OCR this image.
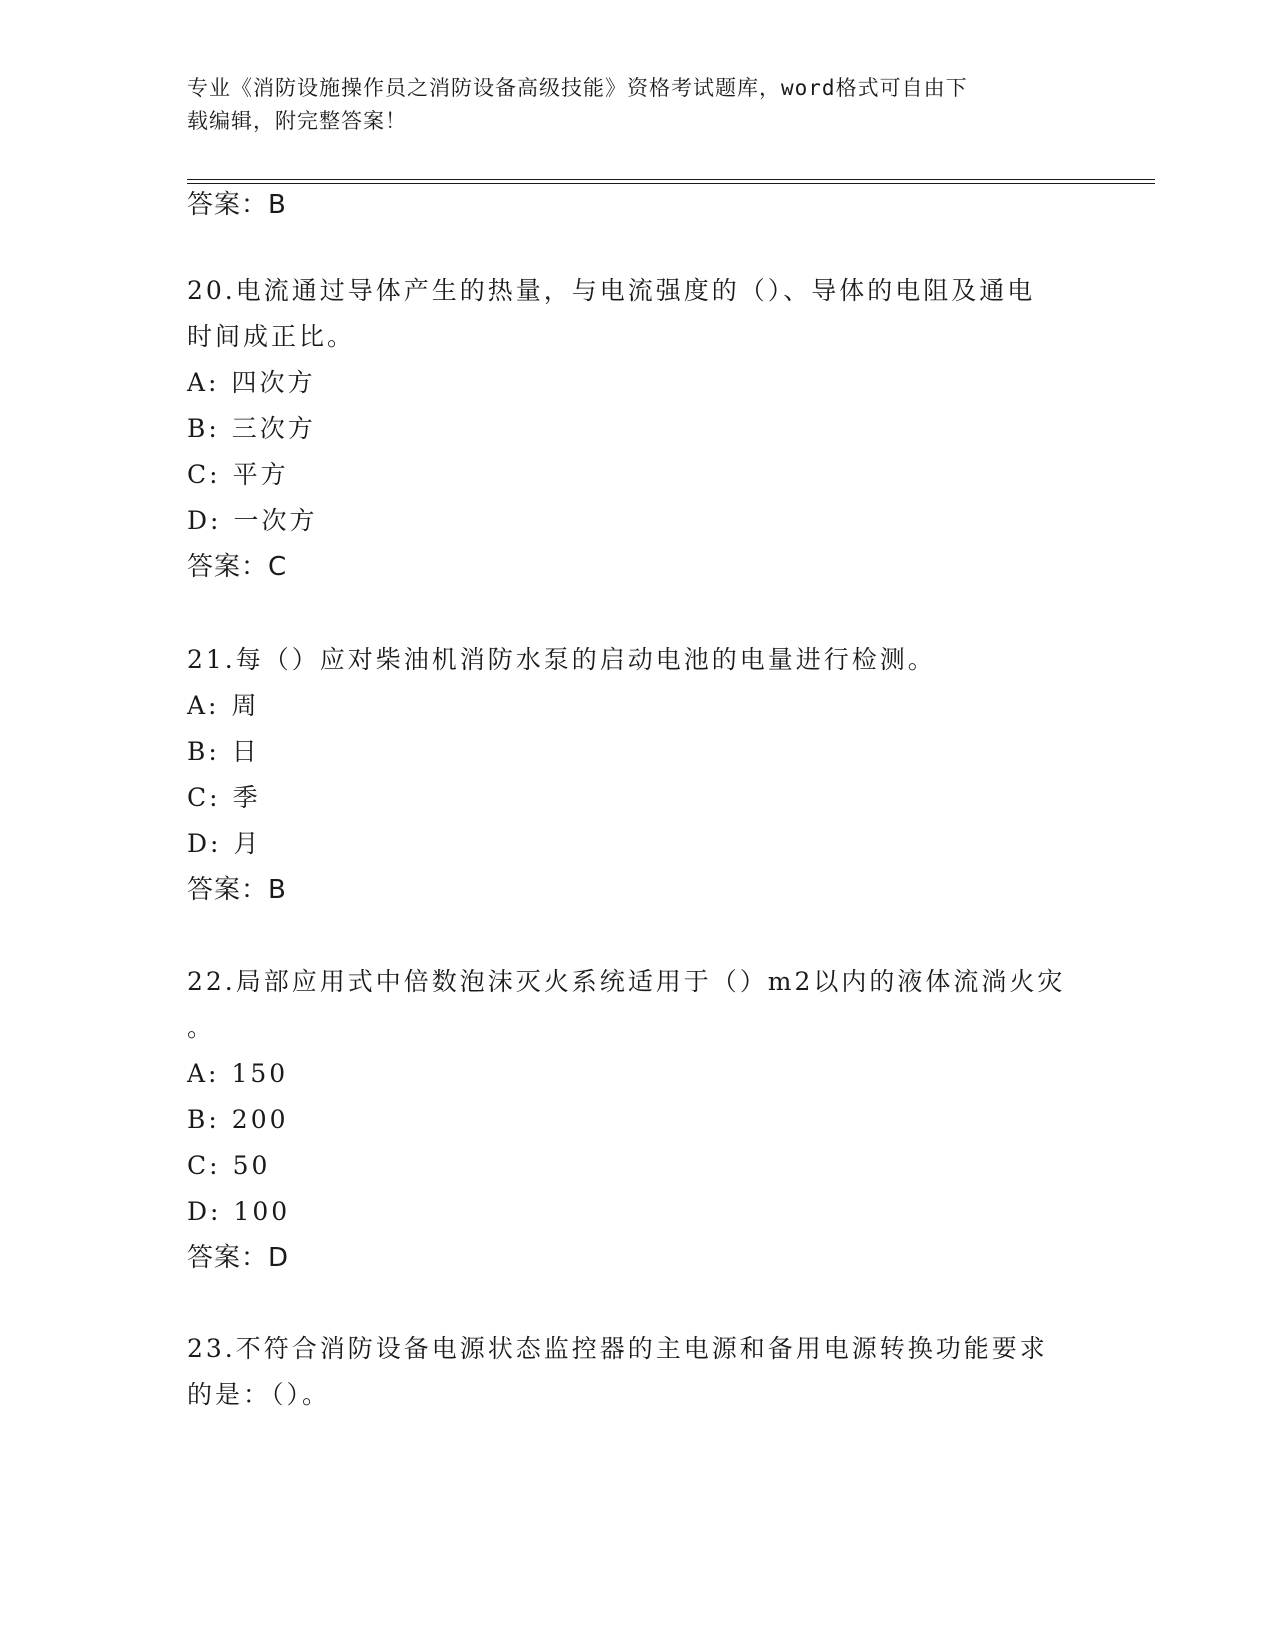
专业《消防设施操作员之消防设备高级技能》资格考试题库，word格式可自由下
载编辑，附完整答案！
答案：B
20.电流通过导体产生的热量，与电流强度的（）、导体的电阻及通电
时间成正比。
A: 四次方
B: 三次方
C: 平方
D: 一次方
答案：C
21.每（）应对柴油机消防水泵的启动电池的电量进行检测。
A: 周
B: 日
C: 季
D: 月
答案：B
22.局部应用式中倍数泡沫灭火系统适用于（）m2以内的液体流淌火灾
。
A: 150
B: 200
C: 50
D: 100
答案：D
23.不符合消防设备电源状态监控器的主电源和备用电源转换功能要求
的是：（）。
